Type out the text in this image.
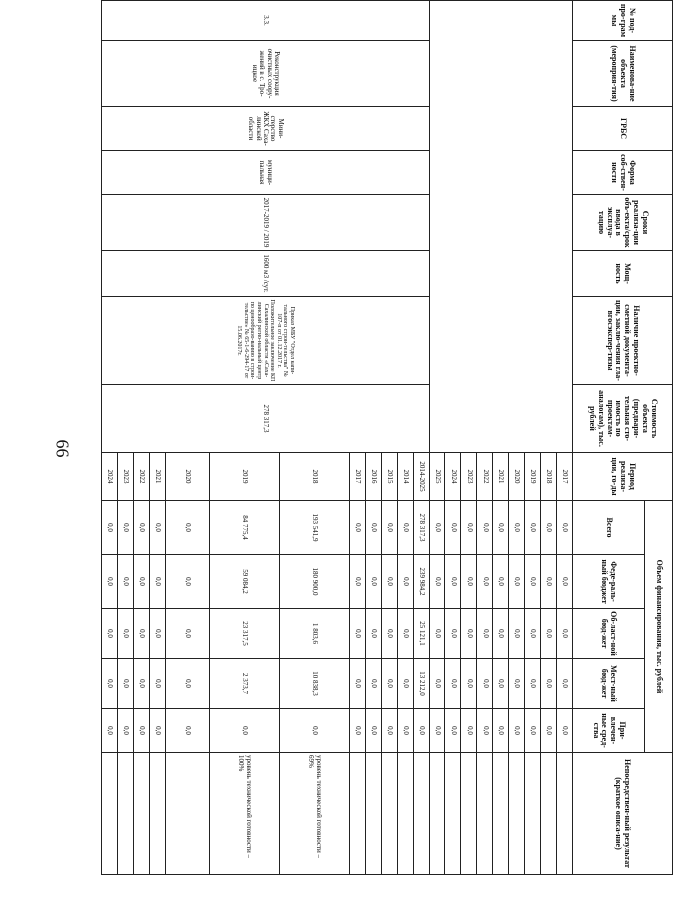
66
№ под-про-грам мы	Наименова-ние объекта (мероприя-тия)	ГРБС	Форма соб-ствен-ности	Сроки реализа-ции объ-екта/срок ввода в эксплуа-тацию	Мощ-ность	Наличие проектно-сметной документа-ции, заклю-чения гла-вгосэкспер-тизы	Стоимость объекта (предвари-тельная сто-имость по проектам-аналогам), тыс. рублей	Период реализа-ции, го-ды	Объем финансирования, тыс. рублей					Непосредствен-ный результат (краткое описа-ние)
									Всего	Феде-раль-ный бюджет	Об-ласт-ной бюд-жет	Мест-ный бюд-жет	При-влечен-ные сред-ства	
								2017	0,0	0,0	0,0	0,0	0,0	
								2018	0,0	0,0	0,0	0,0	0,0	
								2019	0,0	0,0	0,0	0,0	0,0	
								2020	0,0	0,0	0,0	0,0	0,0	
								2021	0,0	0,0	0,0	0,0	0,0	
								2022	0,0	0,0	0,0	0,0	0,0	
								2023	0,0	0,0	0,0	0,0	0,0	
								2024	0,0	0,0	0,0	0,0	0,0	
								2025	0,0	0,0	0,0	0,0	0,0	
3.3.	Реконструкция очистных соору-жений в с. Тро-ицкое	Мини-стерство ЖКХ Саха-линской области	муници-пальная	2017-2019 / 2019	1600 м3 /сут.	Приказ МБУ "Отдел капи-тального строи-тельства" № 107-п от 01.12.2017 г. Положительное заключение КП Сахалинской области «Саха-линский регио-нальный центр по ценообразо-ванию в строи-тельстве» № 65-1-6-294-17 от 15.06.2017г.	278 317,3	2014-2025	278 317,3	239 984,2	25 121,1	13 212,0	0,0	
								2014	0,0	0,0	0,0	0,0	0,0	
								2015	0,0	0,0	0,0	0,0	0,0	
								2016	0,0	0,0	0,0	0,0	0,0	
								2017	0,0	0,0	0,0	0,0	0,0	
								2018	193 541,9	180 900,0	1 803,6	10 838,3	0,0	уровень технической готовности – 69%
								2019	84 775,4	59 084,2	23 317,5	2 373,7	0,0	уровень технической готовности – 100%
								2020	0,0	0,0	0,0	0,0	0,0	
								2021	0,0	0,0	0,0	0,0	0,0	
								2022	0,0	0,0	0,0	0,0	0,0	
								2023	0,0	0,0	0,0	0,0	0,0	
								2024	0,0	0,0	0,0	0,0	0,0	
